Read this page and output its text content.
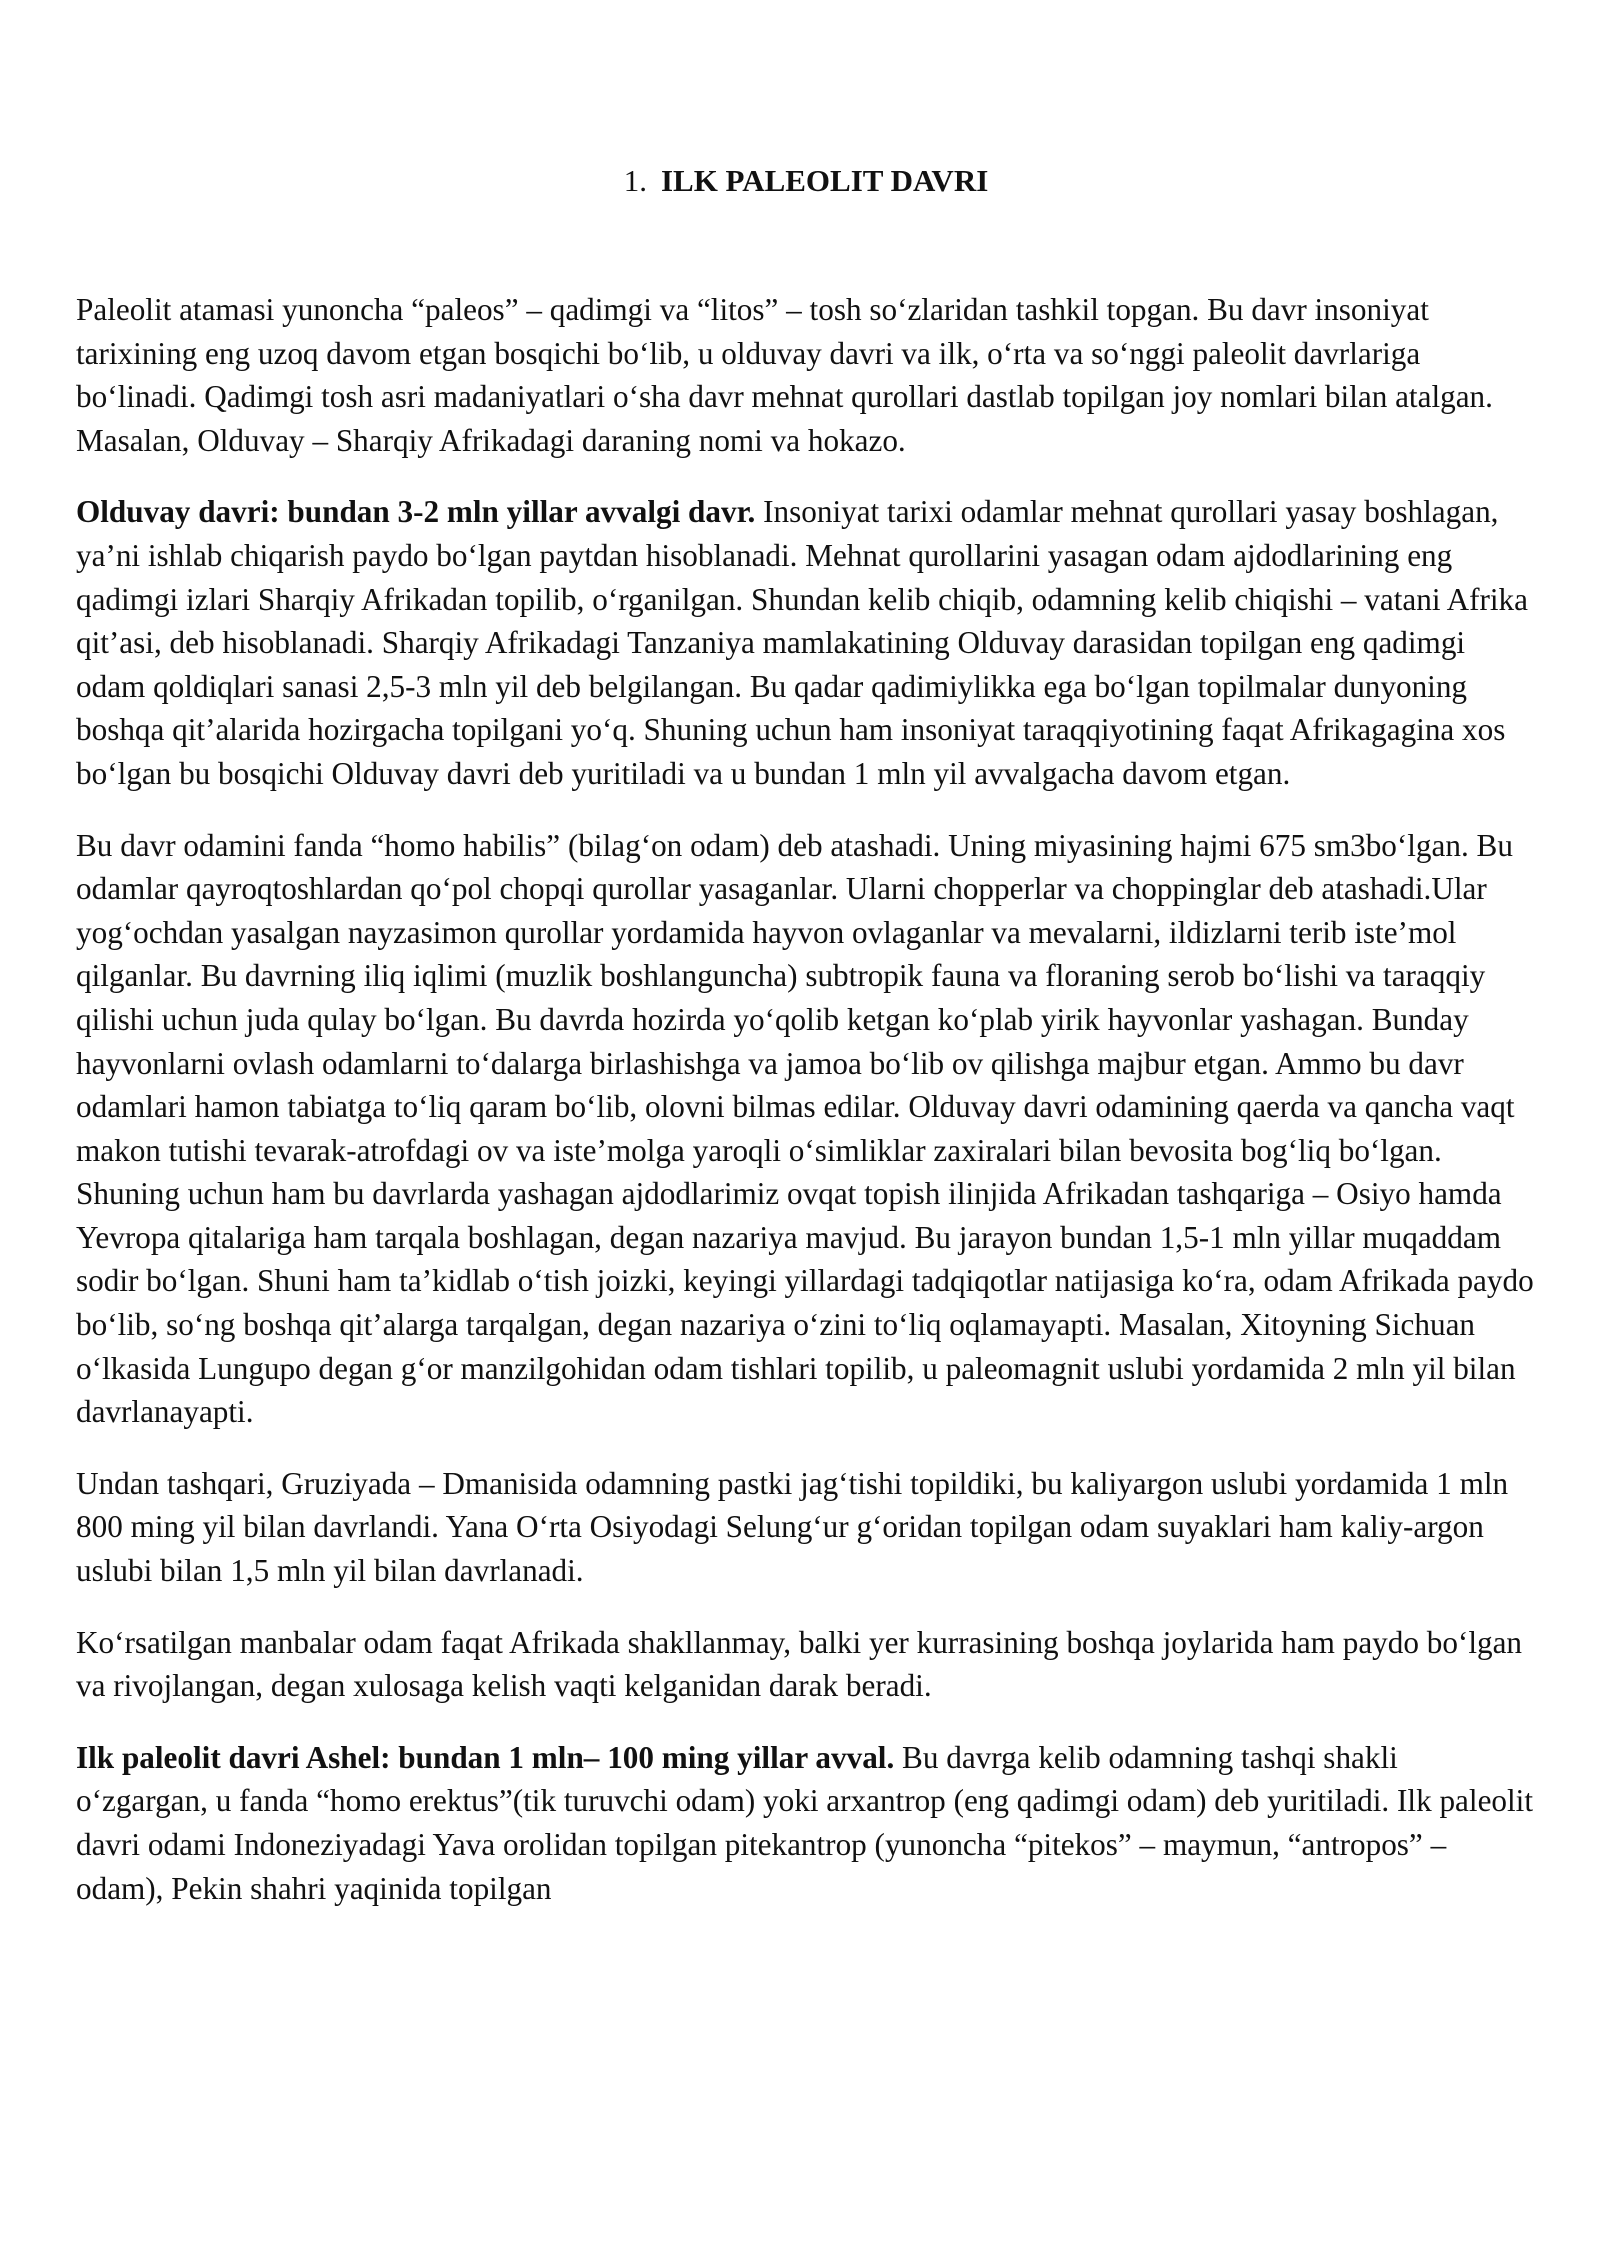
1. ILK PALEOLIT DAVRI

Paleolit atamasi yunoncha “paleos” – qadimgi va “litos” – tosh so‘zlaridan tashkil topgan. Bu davr insoniyat tarixining eng uzoq davom etgan bosqichi bo‘lib, u olduvay davri va ilk, o‘rta va so‘nggi paleolit davrlariga bo‘linadi. Qadimgi tosh asri madaniyatlari o‘sha davr mehnat qurollari dastlab topilgan joy nomlari bilan atalgan. Masalan, Olduvay – Sharqiy Afrikadagi daraning nomi va hokazo.

Olduvay davri: bundan 3-2 mln yillar avvalgi davr. Insoniyat tarixi odamlar mehnat qurollari yasay boshlagan, ya’ni ishlab chiqarish paydo bo‘lgan paytdan hisoblanadi. Mehnat qurollarini yasagan odam ajdodlarining eng qadimgi izlari Sharqiy Afrikadan topilib, o‘rganilgan. Shundan kelib chiqib, odamning kelib chiqishi – vatani Afrika qit’asi, deb hisoblanadi. Sharqiy Afrikadagi Tanzaniya mamlakatining Olduvay darasidan topilgan eng qadimgi odam qoldiqlari sanasi 2,5-3 mln yil deb belgilangan. Bu qadar qadimiylikka ega bo‘lgan topilmalar dunyoning boshqa qit’alarida hozirgacha topilgani yo‘q. Shuning uchun ham insoniyat taraqqiyotining faqat Afrikagagina xos bo‘lgan bu bosqichi Olduvay davri deb yuritiladi va u bundan 1 mln yil avvalgacha davom etgan.

Bu davr odamini fanda “homo habilis” (bilag‘on odam) deb atashadi. Uning miyasining hajmi 675 sm3bo‘lgan. Bu odamlar qayroqtoshlardan qo‘pol chopqi qurollar yasaganlar. Ularni chopperlar va choppinglar deb atashadi.Ular yog‘ochdan yasalgan nayzasimon qurollar yordamida hayvon ovlaganlar va mevalarni, ildizlarni terib iste’mol qilganlar. Bu davrning iliq iqlimi (muzlik boshlanguncha) subtropik fauna va floraning serob bo‘lishi va taraqqiy qilishi uchun juda qulay bo‘lgan. Bu davrda hozirda yo‘qolib ketgan ko‘plab yirik hayvonlar yashagan. Bunday hayvonlarni ovlash odamlarni to‘dalarga birlashishga va jamoa bo‘lib ov qilishga majbur etgan. Ammo bu davr odamlari hamon tabiatga to‘liq qaram bo‘lib, olovni bilmas edilar. Olduvay davri odamining qaerda va qancha vaqt makon tutishi tevarak-atrofdagi ov va iste’molga yaroqli o‘simliklar zaxiralari bilan bevosita bog‘liq bo‘lgan. Shuning uchun ham bu davrlarda yashagan ajdodlarimiz ovqat topish ilinjida Afrikadan tashqariga – Osiyo hamda Yevropa qitalariga ham tarqala boshlagan, degan nazariya mavjud. Bu jarayon bundan 1,5-1 mln yillar muqaddam sodir bo‘lgan. Shuni ham ta’kidlab o‘tish joizki, keyingi yillardagi tadqiqotlar natijasiga ko‘ra, odam Afrikada paydo bo‘lib, so‘ng boshqa qit’alarga tarqalgan, degan nazariya o‘zini to‘liq oqlamayapti. Masalan, Xitoyning Sichuan o‘lkasida Lungupo degan g‘or manzilgohidan odam tishlari topilib, u paleomagnit uslubi yordamida 2 mln yil bilan davrlanayapti.

Undan tashqari, Gruziyada – Dmanisida odamning pastki jag‘tishi topildiki, bu kaliyargon uslubi yordamida 1 mln 800 ming yil bilan davrlandi. Yana O‘rta Osiyodagi Selung‘ur g‘oridan topilgan odam suyaklari ham kaliy-argon uslubi bilan 1,5 mln yil bilan davrlanadi.

Ko‘rsatilgan manbalar odam faqat Afrikada shakllanmay, balki yer kurrasining boshqa joylarida ham paydo bo‘lgan va rivojlangan, degan xulosaga kelish vaqti kelganidan darak beradi.

Ilk paleolit davri Ashel: bundan 1 mln– 100 ming yillar avval. Bu davrga kelib odamning tashqi shakli o‘zgargan, u fanda “homo erektus”(tik turuvchi odam) yoki arxantrop (eng qadimgi odam) deb yuritiladi. Ilk paleolit davri odami Indoneziyadagi Yava orolidan topilgan pitekantrop (yunoncha “pitekos” – maymun, “antropos” – odam), Pekin shahri yaqinida topilgan
